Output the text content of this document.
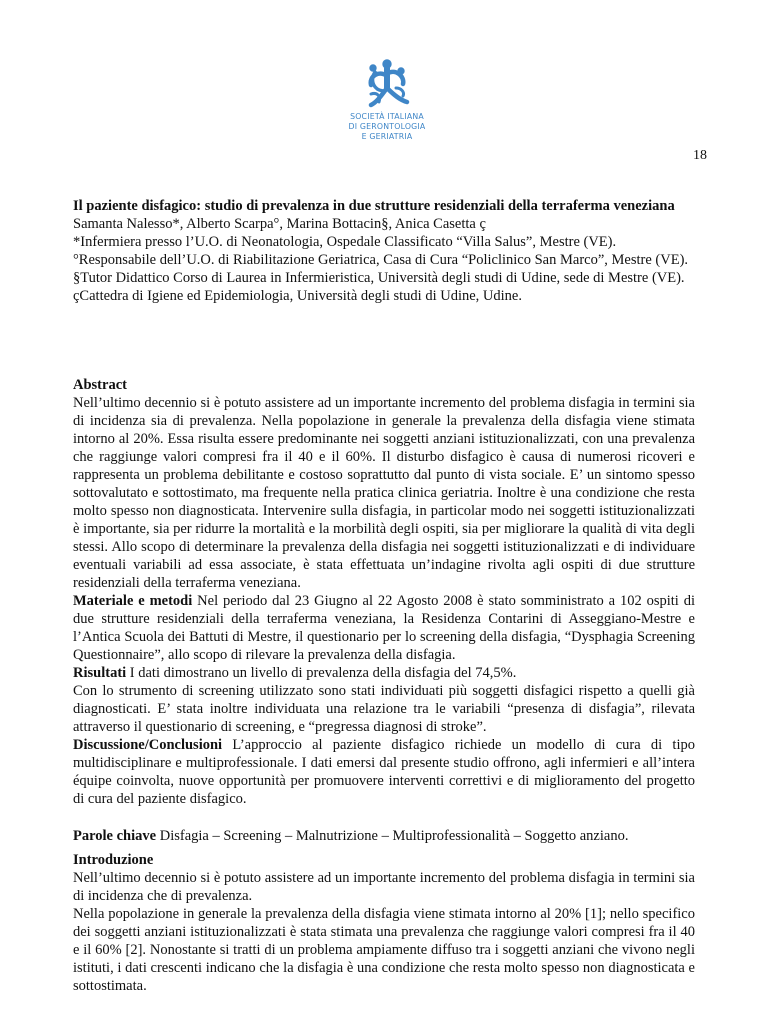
SOCIETÀ ITALIANA
DI GERONTOLOGIA
E GERIATRIA
18

Il paziente disfagico: studio di prevalenza in due strutture residenziali della terraferma veneziana

Samanta Nalesso*, Alberto Scarpa°, Marina Bottacin§, Anica Casetta ç

*Infermiera presso l’U.O. di Neonatologia, Ospedale Classificato “Villa Salus”, Mestre (VE).

°Responsabile dell’U.O. di Riabilitazione Geriatrica, Casa di Cura “Policlinico San Marco”, Mestre (VE).

§Tutor Didattico Corso di Laurea in Infermieristica, Università degli studi di Udine, sede di Mestre (VE).

çCattedra di Igiene ed Epidemiologia, Università degli studi di Udine, Udine.

Abstract

Nell’ultimo decennio si è potuto assistere ad un importante incremento del problema disfagia in termini sia di incidenza sia di prevalenza. Nella popolazione in generale la prevalenza della disfagia viene stimata intorno al 20%. Essa risulta essere predominante nei soggetti anziani istituzionalizzati, con una prevalenza che raggiunge valori compresi fra il 40 e il 60%. Il disturbo disfagico è causa di numerosi ricoveri e rappresenta un problema debilitante e costoso soprattutto dal punto di vista sociale. E’ un sintomo spesso sottovalutato e sottostimato, ma frequente nella pratica clinica geriatria. Inoltre è una condizione che resta molto spesso non diagnosticata. Intervenire sulla disfagia, in particolar modo nei soggetti istituzionalizzati è importante, sia per ridurre la mortalità e la morbilità degli ospiti, sia per migliorare la qualità di vita degli stessi. Allo scopo di determinare la prevalenza della disfagia nei soggetti istituzionalizzati e di individuare eventuali variabili ad essa associate, è stata effettuata un’indagine rivolta agli ospiti di due strutture residenziali della terraferma veneziana.

Materiale e metodi Nel periodo dal 23 Giugno al 22 Agosto 2008 è stato somministrato a 102 ospiti di due strutture residenziali della terraferma veneziana, la Residenza Contarini di Asseggiano-Mestre e l’Antica Scuola dei Battuti di Mestre, il questionario per lo screening della disfagia, “Dysphagia Screening Questionnaire”, allo scopo di rilevare la prevalenza della disfagia.

Risultati I dati dimostrano un livello di prevalenza della disfagia del 74,5%.

Con lo strumento di screening utilizzato sono stati individuati più soggetti disfagici rispetto a quelli già diagnosticati. E’ stata inoltre individuata una relazione tra le variabili “presenza di disfagia”, rilevata attraverso il questionario di screening, e “pregressa diagnosi di stroke”.

Discussione/Conclusioni L’approccio al paziente disfagico richiede un modello di cura di tipo multidisciplinare e multiprofessionale. I dati emersi dal presente studio offrono, agli infermieri e all’intera équipe coinvolta, nuove opportunità per promuovere interventi correttivi e di miglioramento del progetto di cura del paziente disfagico.

Parole chiave Disfagia – Screening – Malnutrizione – Multiprofessionalità – Soggetto anziano.

Introduzione

Nell’ultimo decennio si è potuto assistere ad un importante incremento del problema disfagia in termini sia di incidenza che di prevalenza.

Nella popolazione in generale la prevalenza della disfagia viene stimata intorno al 20% [1]; nello specifico dei soggetti anziani istituzionalizzati è stata stimata una prevalenza che raggiunge valori compresi fra il 40 e il 60% [2]. Nonostante si tratti di un problema ampiamente diffuso tra i soggetti anziani che vivono negli istituti, i dati crescenti indicano che la disfagia è una condizione che resta molto spesso non diagnosticata e sottostimata.
